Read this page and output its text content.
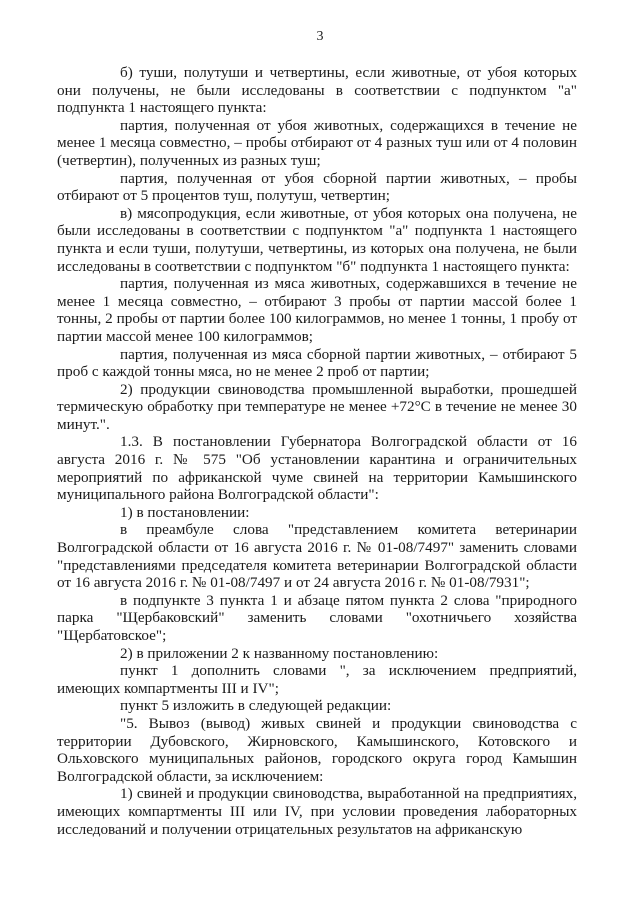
3

б) туши, полутуши и четвертины, если животные, от убоя которых они получены, не были исследованы в соответствии с подпунктом "а" подпункта 1 настоящего пункта:

партия, полученная от убоя животных, содержащихся в течение не менее 1 месяца совместно, – пробы отбирают от 4 разных туш или от 4 половин (четвертин), полученных из разных туш;

партия, полученная от убоя сборной партии животных, – пробы отбирают от 5 процентов туш, полутуш, четвертин;

в) мясопродукция, если животные, от убоя которых она получена, не были исследованы в соответствии с подпунктом "а" подпункта 1 настоящего пункта и если туши, полутуши, четвертины, из которых она получена, не были исследованы в соответствии с подпунктом "б" подпункта 1 настоящего пункта:

партия, полученная из мяса животных, содержавшихся в течение не менее 1 месяца совместно, – отбирают 3 пробы от партии массой более 1 тонны, 2 пробы от партии более 100 килограммов, но менее 1 тонны, 1 пробу от партии массой менее 100 килограммов;

партия, полученная из мяса сборной партии животных, – отбирают 5 проб с каждой тонны мяса, но не менее 2 проб от партии;

2) продукции свиноводства промышленной выработки, прошедшей термическую обработку при температуре не менее +72°C в течение не менее 30 минут.".

1.3. В постановлении Губернатора Волгоградской области от 16 августа 2016 г. № 575 "Об установлении карантина и ограничительных мероприятий по африканской чуме свиней на территории Камышинского муниципального района Волгоградской области":

1) в постановлении:

в преамбуле слова "представлением комитета ветеринарии Волгоградской области от 16 августа 2016 г. № 01-08/7497" заменить словами "представлениями председателя комитета ветеринарии Волгоградской области от 16 августа 2016 г. № 01-08/7497 и от 24 августа 2016 г. № 01-08/7931";

в подпункте 3 пункта 1 и абзаце пятом пункта 2 слова "природного парка "Щербаковский" заменить словами "охотничьего хозяйства "Щербатовское";

2) в приложении 2 к названному постановлению:

пункт 1 дополнить словами ", за исключением предприятий, имеющих компартменты III и IV";

пункт 5 изложить в следующей редакции:

"5. Вывоз (вывод) живых свиней и продукции свиноводства с территории Дубовского, Жирновского, Камышинского, Котовского и Ольховского муниципальных районов, городского округа город Камышин Волгоградской области, за исключением:

1) свиней и продукции свиноводства, выработанной на предприятиях, имеющих компартменты III или IV, при условии проведения лабораторных исследований и получении отрицательных результатов на африканскую
